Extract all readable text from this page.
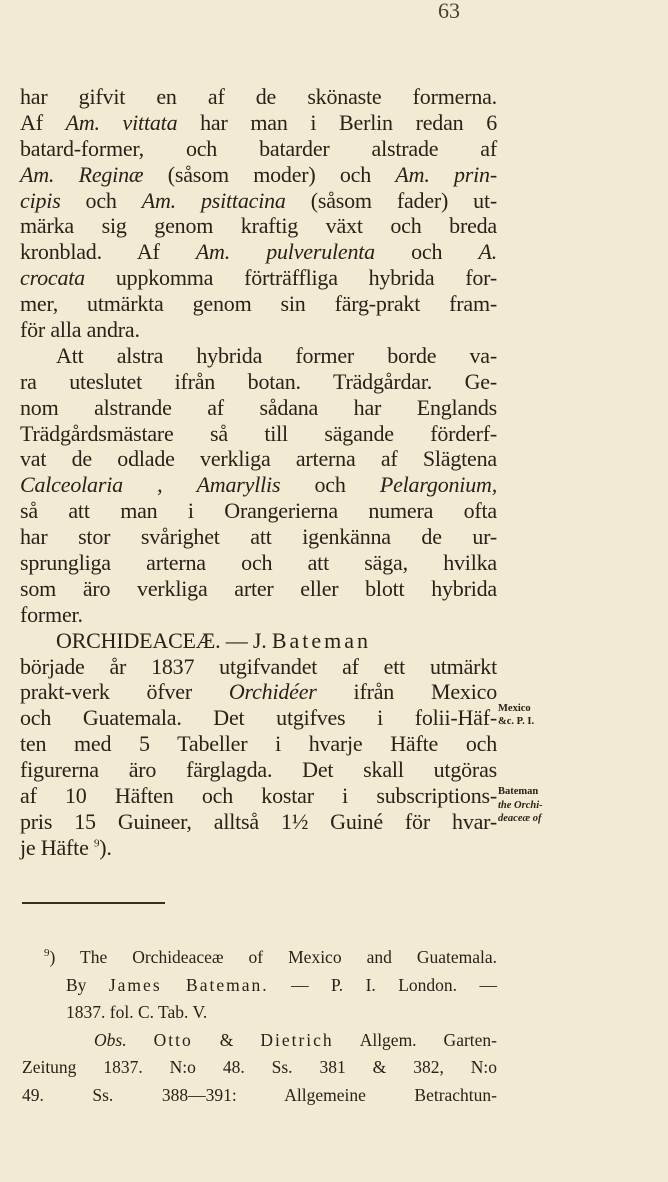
63
har gifvit en af de skönaste formerna.
Af Am. vittata har man i Berlin redan 6
batard-former, och batarder alstrade af
Am. Reginæ (såsom moder) och Am. prin-
cipis och Am. psittacina (såsom fader) ut-
märka sig genom kraftig växt och breda
kronblad. Af Am. pulverulenta och A.
crocata uppkomma förträffliga hybrida for-
mer, utmärkta genom sin färg-prakt fram-
för alla andra.
Att alstra hybrida former borde va-
ra uteslutet ifrån botan. Trädgårdar. Ge-
nom alstrande af sådana har Englands
Trädgårdsmästare så till sägande förderf-
vat de odlade verkliga arterna af Slägtena
Calceolaria , Amaryllis och Pelargonium,
så att man i Orangerierna numera ofta
har stor svårighet att igenkänna de ur-
sprungliga arterna och att säga, hvilka
som äro verkliga arter eller blott hybrida
former.
ORCHIDEACEÆ. — J. Bateman
började år 1837 utgifvandet af ett utmärkt
prakt-verk öfver Orchidéer ifrån Mexico
och Guatemala. Det utgifves i folii-Häf-
ten med 5 Tabeller i hvarje Häfte och
figurerna äro färglagda. Det skall utgöras
af 10 Häften och kostar i subscriptions-
pris 15 Guineer, alltså 1½ Guiné för hvar-
je Häfte $^9$).
Bateman
the Orchi-
deaceæ of
Mexico
&c. P. I.
$^9$) The Orchideaceæ of Mexico and Guatemala.
By James Bateman. — P. I. London. —
1837. fol. C. Tab. V.
Obs. Otto & Dietrich Allgem. Garten-
Zeitung 1837. N:o 48. Ss. 381 & 382, N:o
49. Ss. 388—391: Allgemeine Betrachtun-
